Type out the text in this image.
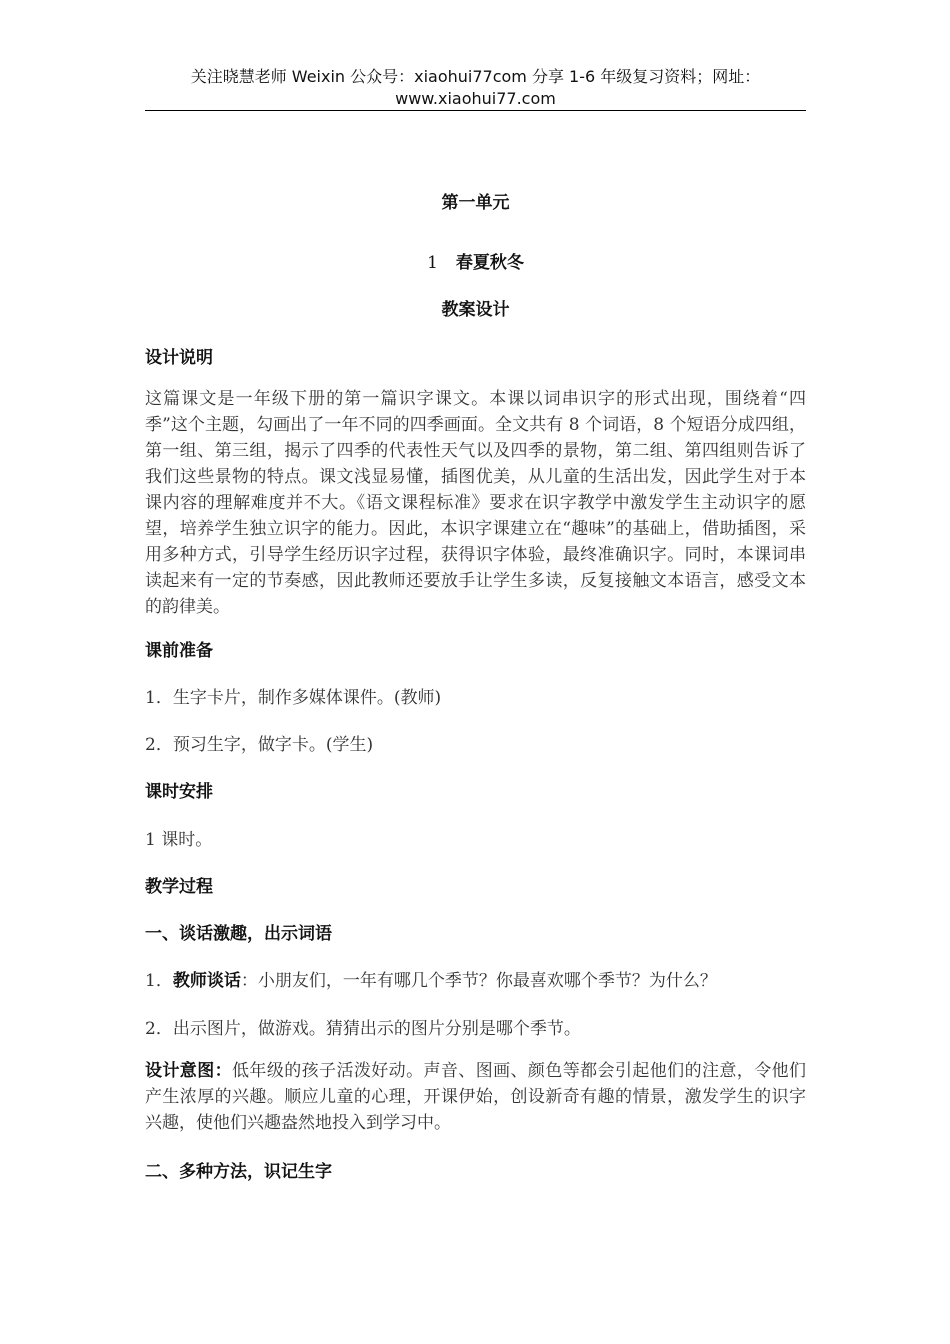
关注晓慧老师 Weixin 公众号：xiaohui77com 分享 1-6 年级复习资料；网址：
www.xiaohui77.com
第一单元
1 春夏秋冬
教案设计
设计说明
这篇课文是一年级下册的第一篇识字课文。本课以词串识字的形式出现，围绕着“四季”这个主题，勾画出了一年不同的四季画面。全文共有 8 个词语，8 个短语分成四组，第一组、第三组，揭示了四季的代表性天气以及四季的景物，第二组、第四组则告诉了我们这些景物的特点。课文浅显易懂，插图优美，从儿童的生活出发，因此学生对于本课内容的理解难度并不大。《语文课程标准》要求在识字教学中激发学生主动识字的愿望，培养学生独立识字的能力。因此，本识字课建立在“趣味”的基础上，借助插图，采用多种方式，引导学生经历识字过程，获得识字体验，最终准确识字。同时，本课词串读起来有一定的节奏感，因此教师还要放手让学生多读，反复接触文本语言，感受文本的韵律美。
课前准备
1．生字卡片，制作多媒体课件。(教师)
2．预习生字，做字卡。(学生)
课时安排
1 课时。
教学过程
一、谈话激趣，出示词语
1．教师谈话：小朋友们，一年有哪几个季节？你最喜欢哪个季节？为什么？
2．出示图片，做游戏。猜猜出示的图片分别是哪个季节。
设计意图：低年级的孩子活泼好动。声音、图画、颜色等都会引起他们的注意，令他们产生浓厚的兴趣。顺应儿童的心理，开课伊始，创设新奇有趣的情景，激发学生的识字兴趣，使他们兴趣盎然地投入到学习中。
二、多种方法，识记生字
